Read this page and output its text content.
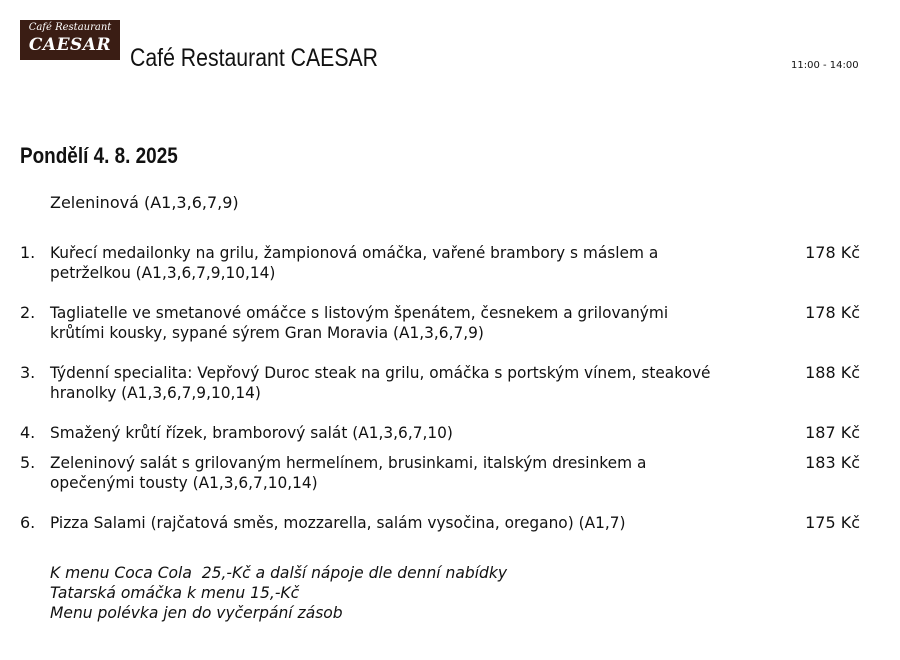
Café Restaurant
CAESAR Café Restaurant CAESAR	11:00 - 14:00
Pondělí 4. 8. 2025
Zeleninová (A1,3,6,7,9)
1. Kuřecí medailonky na grilu, žampionová omáčka, vařené brambory s máslem a
petrželkou (A1,3,6,7,9,10,14)
178 Kč
2. Tagliatelle ve smetanové omáčce s listovým špenátem, česnekem a grilovanými
krůtími kousky, sypané sýrem Gran Moravia (A1,3,6,7,9)
178 Kč
3. Týdenní specialita: Vepřový Duroc steak na grilu, omáčka s portským vínem, steakové
hranolky (A1,3,6,7,9,10,14)
188 Kč
4. Smažený krůtí řízek, bramborový salát (A1,3,6,7,10)	187 Kč
5. Zeleninový salát s grilovaným hermelínem, brusinkami, italským dresinkem a
opečenými tousty (A1,3,6,7,10,14)
183 Kč
6. Pizza Salami (rajčatová směs, mozzarella, salám vysočina, oregano) (A1,7)	175 Kč
K menu Coca Cola  25,-Kč a další nápoje dle denní nabídky
Tatarská omáčka k menu 15,-Kč
Menu polévka jen do vyčerpání zásob
